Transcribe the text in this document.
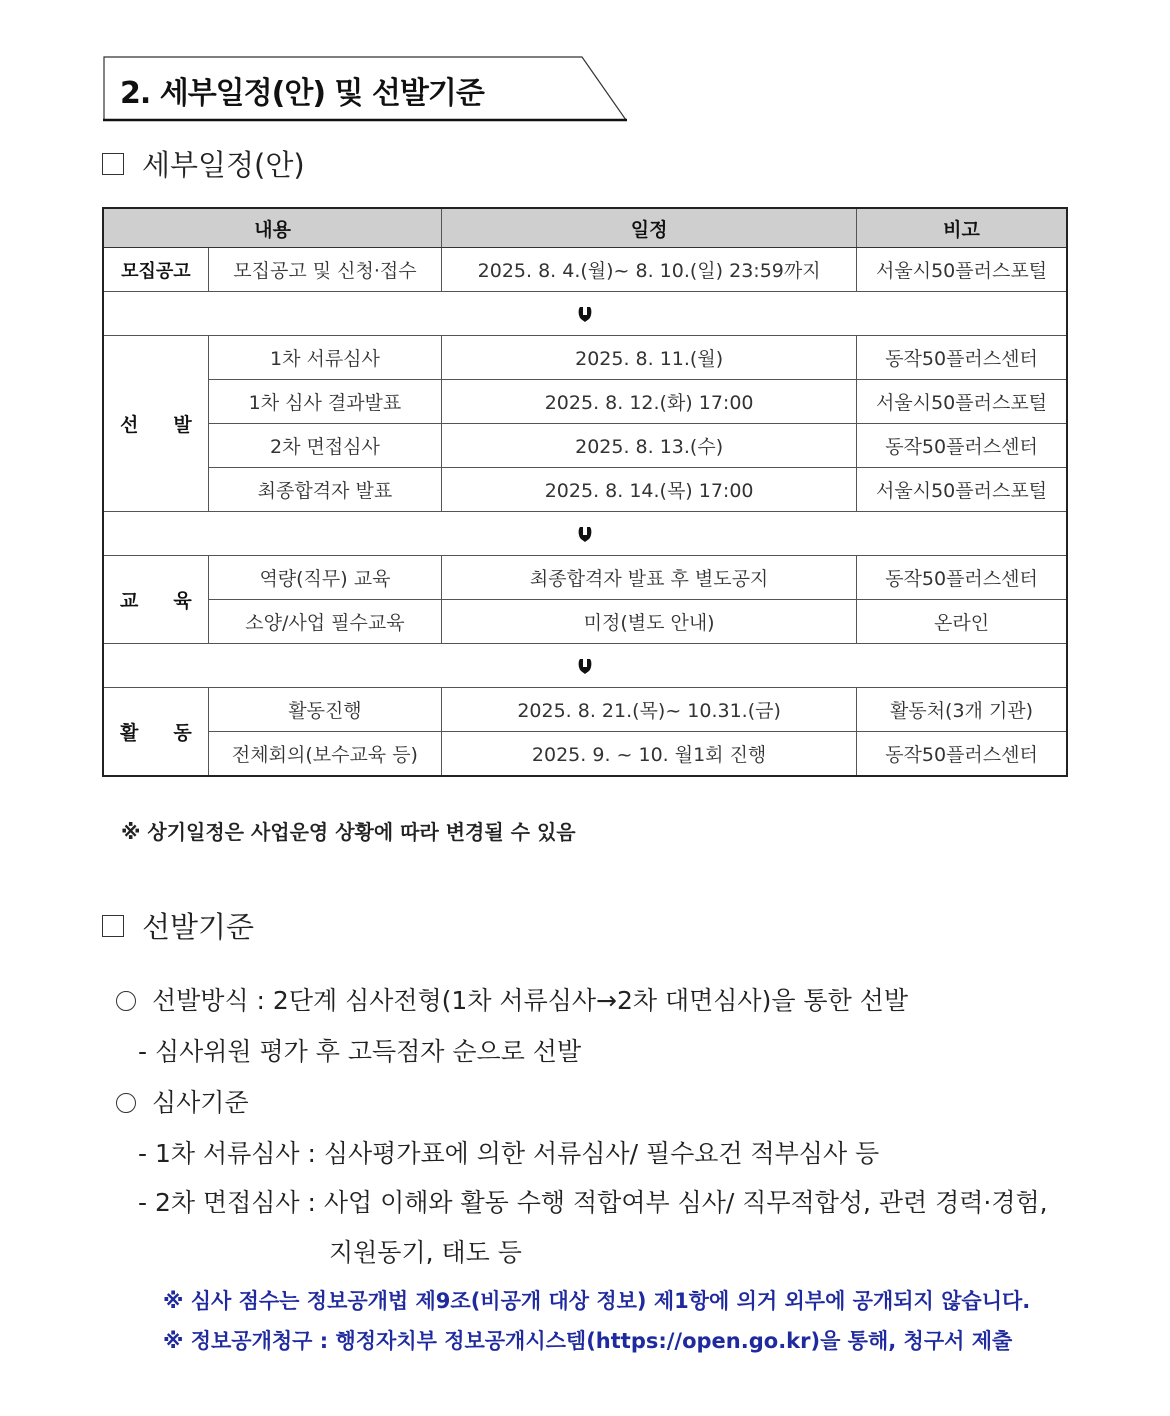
2. 세부일정(안) 및 선발기준
세부일정(안)
내용		일정	비고
모집공고	모집공고 및 신청·접수	2025. 8. 4.(월)~ 8. 10.(일) 23:59까지	서울시50플러스포털

선 발	1차 서류심사	2025. 8. 11.(월)	동작50플러스센터
	1차 심사 결과발표	2025. 8. 12.(화) 17:00	서울시50플러스포털
	2차 면접심사	2025. 8. 13.(수)	동작50플러스센터
	최종합격자 발표	2025. 8. 14.(목) 17:00	서울시50플러스포털

교 육	역량(직무) 교육	최종합격자 발표 후 별도공지	동작50플러스센터
	소양/사업 필수교육	미정(별도 안내)	온라인

활 동	활동진행	2025. 8. 21.(목)~ 10.31.(금)	활동처(3개 기관)
	전체회의(보수교육 등)	2025. 9. ~ 10. 월1회 진행	동작50플러스센터
※ 상기일정은 사업운영 상황에 따라 변경될 수 있음
선발기준
선발방식 : 2단계 심사전형(1차 서류심사→2차 대면심사)을 통한 선발
- 심사위원 평가 후 고득점자 순으로 선발
심사기준
- 1차 서류심사 : 심사평가표에 의한 서류심사/ 필수요건 적부심사 등
- 2차 면접심사 : 사업 이해와 활동 수행 적합여부 심사/ 직무적합성, 관련 경력·경험,
지원동기, 태도 등
※ 심사 점수는 정보공개법 제9조(비공개 대상 정보) 제1항에 의거 외부에 공개되지 않습니다.
※ 정보공개청구 : 행정자치부 정보공개시스템(https://open.go.kr)을 통해, 청구서 제출
